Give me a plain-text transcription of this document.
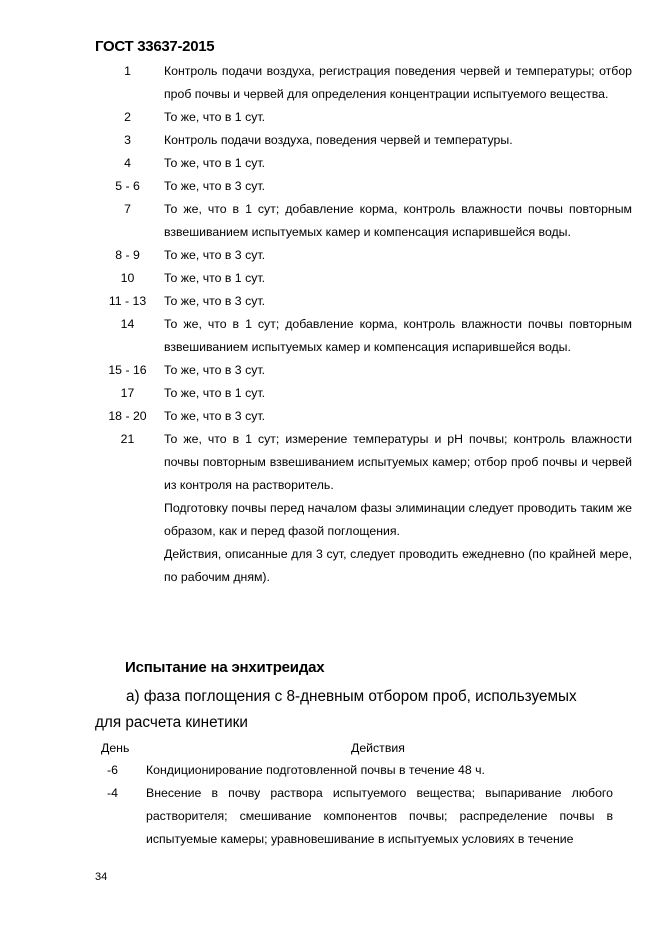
ГОСТ 33637-2015
1	Контроль подачи воздуха, регистрация поведения червей и температуры; отбор проб почвы и червей для определения концентрации испытуемого вещества.
2	То же, что в 1 сут.
3	Контроль подачи воздуха, поведения червей и температуры.
4	То же, что в 1 сут.
5 - 6	То же, что в 3 сут.
7	То же, что в 1 сут; добавление корма, контроль влажности почвы повторным взвешиванием испытуемых камер и компенсация испарившейся воды.
8 - 9	То же, что в 3 сут.
10	То же, что в 1 сут.
11 - 13	То же, что в 3 сут.
14	То же, что в 1 сут; добавление корма, контроль влажности почвы повторным взвешиванием испытуемых камер и компенсация испарившейся воды.
15 - 16	То же, что в 3 сут.
17	То же, что в 1 сут.
18 - 20	То же, что в 3 сут.
21	То же, что в 1 сут; измерение температуры и рН почвы; контроль влажности почвы повторным взвешиванием испытуемых камер; отбор проб почвы и червей из контроля на растворитель.
Подготовку почвы перед началом фазы элиминации следует проводить таким же образом, как и перед фазой поглощения.
Действия, описанные для 3 сут, следует проводить ежедневно (по крайней мере, по рабочим дням).
Испытание на энхитреидах
а) фаза поглощения с 8-дневным отбором проб, используемых
для расчета кинетики
День	Действия
-6	Кондиционирование подготовленной почвы в течение 48 ч.
-4	Внесение в почву раствора испытуемого вещества; выпаривание любого растворителя; смешивание компонентов почвы; распределение почвы в испытуемые камеры; уравновешивание в испытуемых условиях в течение
34
